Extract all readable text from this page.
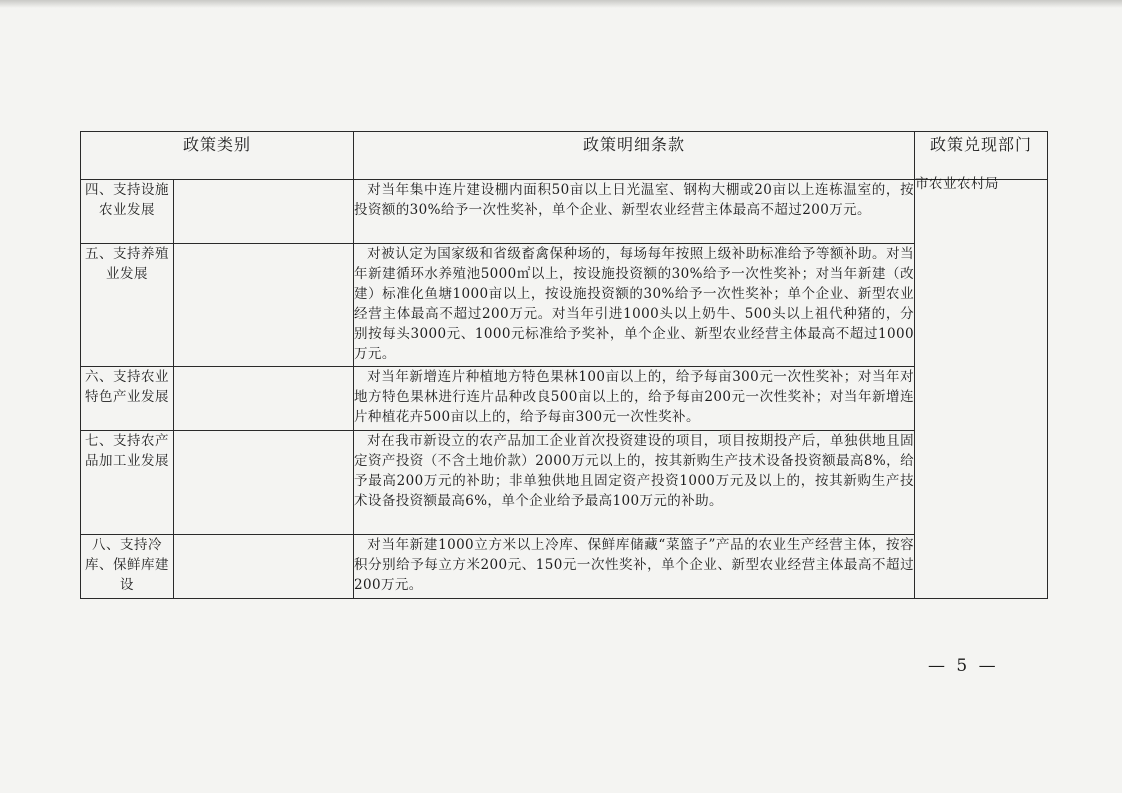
政策类别		政策明细条款	政策兑现部门
四、支持设施农业发展		对当年集中连片建设棚内面积50亩以上日光温室、钢构大棚或20亩以上连栋温室的，按投资额的30%给予一次性奖补，单个企业、新型农业经营主体最高不超过200万元。	市农业农村局
五、支持养殖业发展		对被认定为国家级和省级畜禽保种场的，每场每年按照上级补助标准给予等额补助。对当年新建循环水养殖池5000㎡以上，按设施投资额的30%给予一次性奖补；对当年新建（改建）标准化鱼塘1000亩以上，按设施投资额的30%给予一次性奖补；单个企业、新型农业经营主体最高不超过200万元。对当年引进1000头以上奶牛、500头以上祖代种猪的，分别按每头3000元、1000元标准给予奖补，单个企业、新型农业经营主体最高不超过1000万元。	
六、支持农业特色产业发展		对当年新增连片种植地方特色果林100亩以上的，给予每亩300元一次性奖补；对当年对地方特色果林进行连片品种改良500亩以上的，给予每亩200元一次性奖补；对当年新增连片种植花卉500亩以上的，给予每亩300元一次性奖补。	
七、支持农产品加工业发展		对在我市新设立的农产品加工企业首次投资建设的项目，项目按期投产后，单独供地且固定资产投资（不含土地价款）2000万元以上的，按其新购生产技术设备投资额最高8%，给予最高200万元的补助；非单独供地且固定资产投资1000万元及以上的，按其新购生产技术设备投资额最高6%，单个企业给予最高100万元的补助。	
八、支持冷库、保鲜库建设		对当年新建1000立方米以上冷库、保鲜库储藏“菜篮子”产品的农业生产经营主体，按容积分别给予每立方米200元、150元一次性奖补，单个企业、新型农业经营主体最高不超过200万元。	
— 5 —
